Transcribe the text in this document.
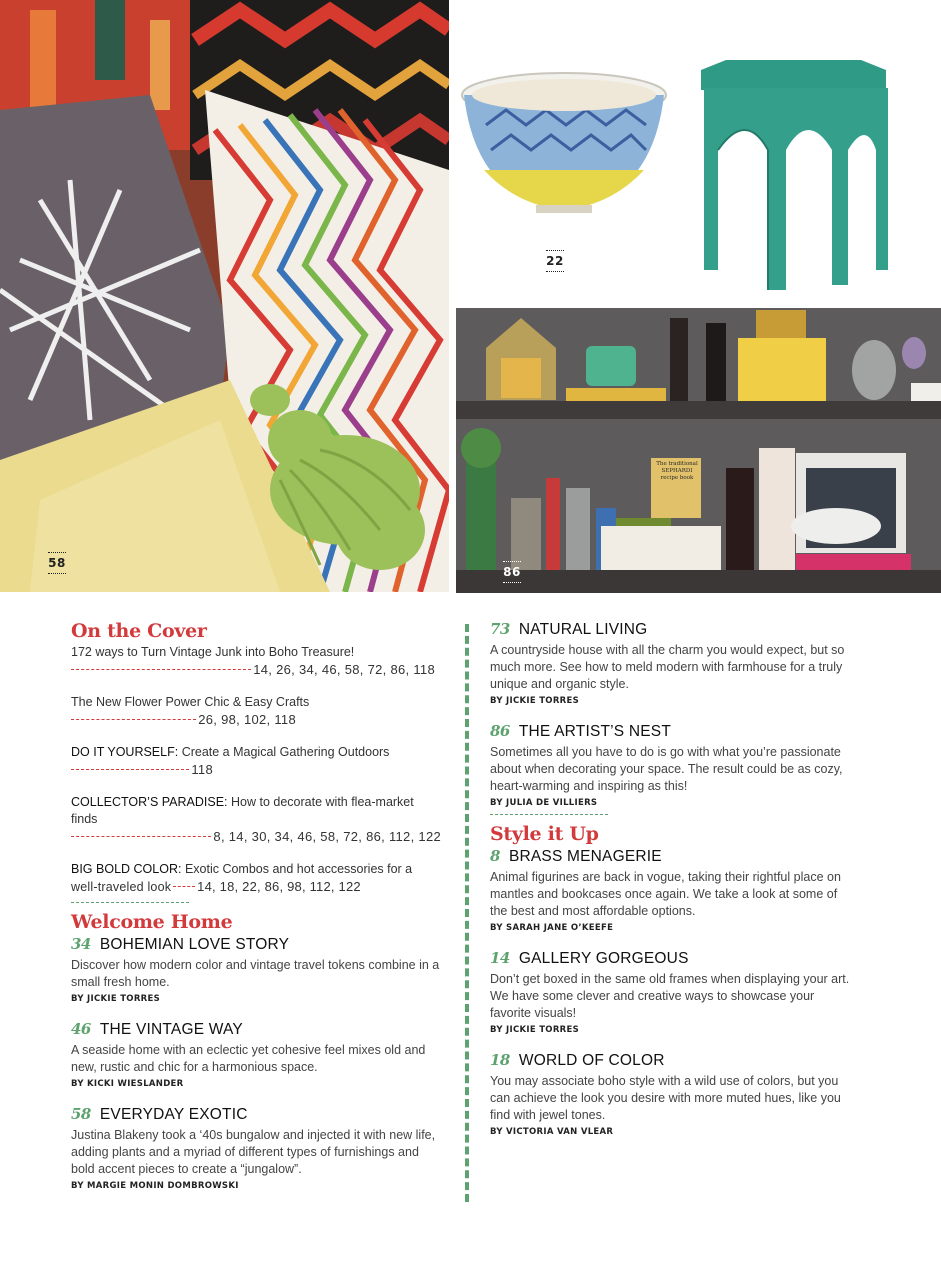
58
22
The traditional SEPHARDI recipe book
86
On the Cover
172 ways to Turn Vintage Junk into Boho Treasure!
14, 26, 34, 46, 58, 72, 86, 118
The New Flower Power Chic & Easy Crafts
26, 98, 102, 118
DO IT YOURSELF: Create a Magical Gathering Outdoors
118
COLLECTOR’S PARADISE: How to decorate with flea-market finds
8, 14, 30, 34, 46, 58, 72, 86, 112, 122
BIG BOLD COLOR: Exotic Combos and hot accessories for a
well-traveled look 14, 18, 22, 86, 98, 112, 122
Welcome Home
34 BOHEMIAN LOVE STORY
Discover how modern color and vintage travel tokens combine in a small fresh home.
BY JICKIE TORRES
46 THE VINTAGE WAY
A seaside home with an eclectic yet cohesive feel mixes old and new, rustic and chic for a harmonious space.
BY KICKI WIESLANDER
58 EVERYDAY EXOTIC
Justina Blakeny took a ‘40s bungalow and injected it with new life, adding plants and a myriad of different types of furnishings and bold accent pieces to create a “jungalow”.
BY MARGIE MONIN DOMBROWSKI
73 NATURAL LIVING
A countryside house with all the charm you would expect, but so much more. See how to meld modern with farmhouse for a truly unique and organic style.
BY JICKIE TORRES
86 THE ARTIST’S NEST
Sometimes all you have to do is go with what you’re passionate about when decorating your space. The result could be as cozy, heart-warming and inspiring as this!
BY JULIA DE VILLIERS
Style it Up
8 BRASS MENAGERIE
Animal figurines are back in vogue, taking their rightful place on mantles and bookcases once again. We take a look at some of the best and most affordable options.
BY SARAH JANE O’KEEFE
14 GALLERY GORGEOUS
Don’t get boxed in the same old frames when displaying your art. We have some clever and creative ways to showcase your favorite visuals!
BY JICKIE TORRES
18 WORLD OF COLOR
You may associate boho style with a wild use of colors, but you can achieve the look you desire with more muted hues, like you find with jewel tones.
BY VICTORIA VAN VLEAR
